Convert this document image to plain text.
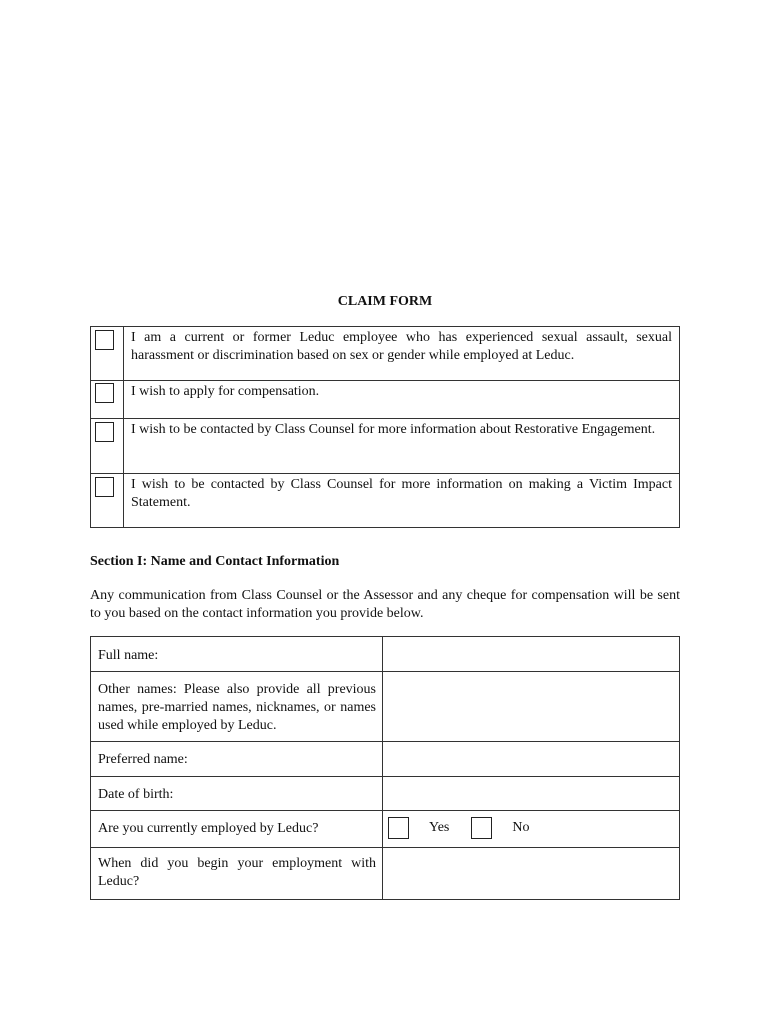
CLAIM FORM
	I am a current or former Leduc employee who has experienced sexual assault, sexual harassment or discrimination based on sex or gender while employed at Leduc.

	I wish to apply for compensation.

	I wish to be contacted by Class Counsel for more information about Restorative Engagement.

	I wish to be contacted by Class Counsel for more information on making a Victim Impact Statement.
Section I: Name and Contact Information
Any communication from Class Counsel or the Assessor and any cheque for compensation will be sent to you based on the contact information you provide below.
Full name:	
Other names: Please also provide all previous names, pre-married names, nicknames, or names used while employed by Leduc.	
Preferred name:	
Date of birth:	
Are you currently employed by Leduc?	Yes No

When did you begin your employment with Leduc?	
